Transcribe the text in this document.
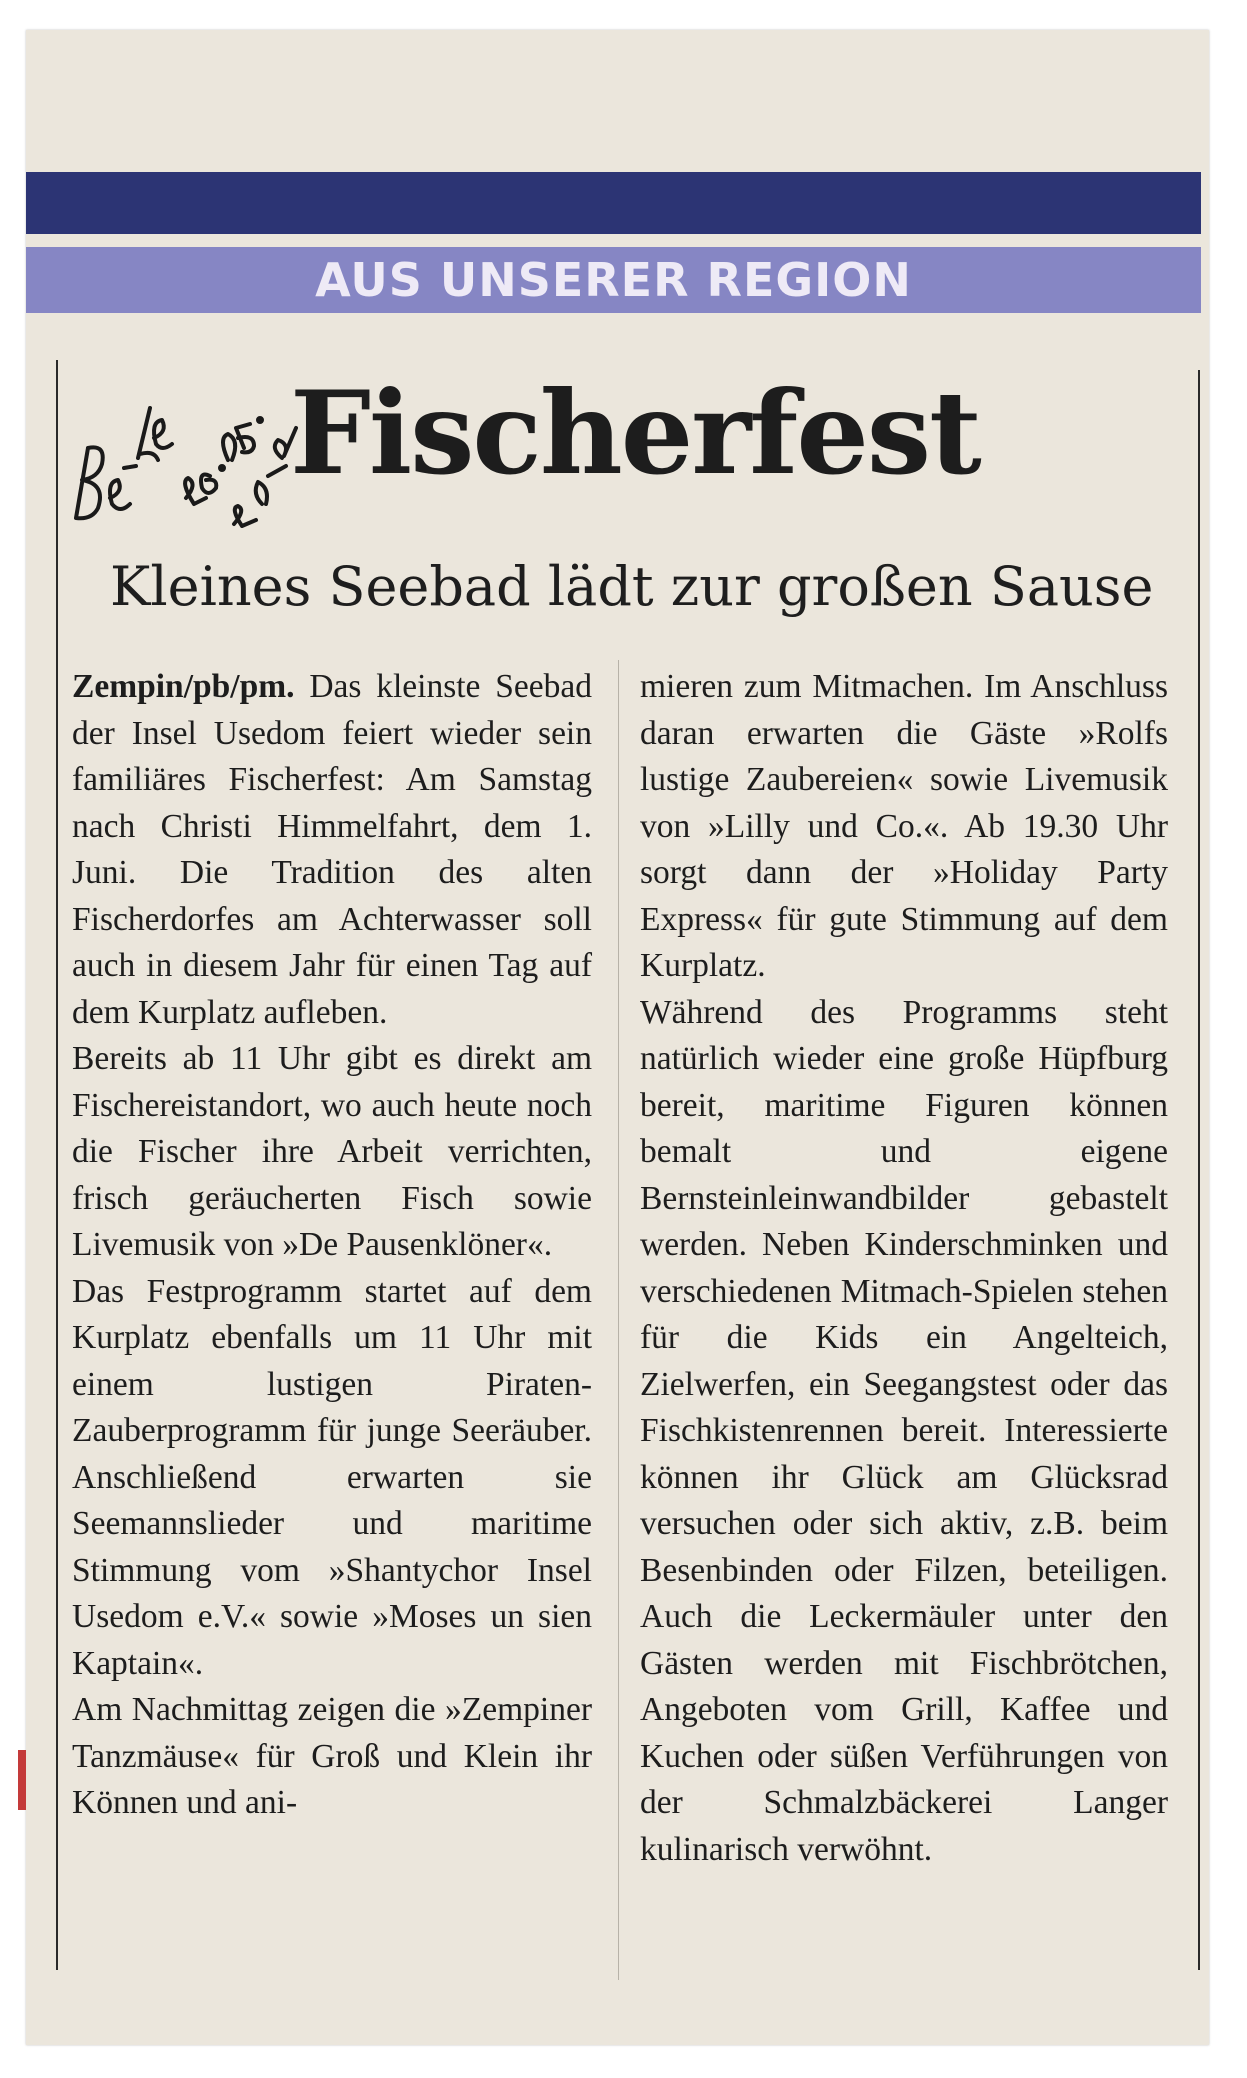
AUS UNSERER REGION
Fischerfest
Kleines Seebad lädt zur großen Sause

Zempin/pb/pm. Das kleinste Seebad der Insel Usedom feiert wieder sein familiäres Fischerfest: Am Samstag nach Christi Himmelfahrt, dem 1. Juni. Die Tradition des alten Fischerdorfes am Achterwasser soll auch in diesem Jahr für einen Tag auf dem Kurplatz aufleben.

Bereits ab 11 Uhr gibt es direkt am Fischereistandort, wo auch heute noch die Fischer ihre Arbeit verrichten, frisch geräucherten Fisch sowie Livemusik von »De Pausenklöner«.

Das Festprogramm startet auf dem Kurplatz ebenfalls um 11 Uhr mit einem lustigen Piraten-Zauberprogramm für junge Seeräuber. Anschließend erwarten sie Seemannslieder und maritime Stimmung vom »Shantychor Insel Usedom e.V.« sowie »Moses un sien Kaptain«.

Am Nachmittag zeigen die »Zempiner Tanzmäuse« für Groß und Klein ihr Können und ani-

mieren zum Mitmachen. Im Anschluss daran erwarten die Gäste »Rolfs lustige Zaubereien« sowie Livemusik von »Lilly und Co.«. Ab 19.30 Uhr sorgt dann der »Holiday Party Express« für gute Stimmung auf dem Kurplatz.

Während des Programms steht natürlich wieder eine große Hüpfburg bereit, maritime Figuren können bemalt und eigene Bernsteinleinwandbilder gebastelt werden. Neben Kinderschminken und verschiedenen Mitmach-Spielen stehen für die Kids ein Angelteich, Zielwerfen, ein Seegangstest oder das Fischkistenrennen bereit. Interessierte können ihr Glück am Glücksrad versuchen oder sich aktiv, z.B. beim Besenbinden oder Filzen, beteiligen. Auch die Leckermäuler unter den Gästen werden mit Fischbrötchen, Angeboten vom Grill, Kaffee und Kuchen oder süßen Verführungen von der Schmalzbäckerei Langer kulinarisch verwöhnt.
